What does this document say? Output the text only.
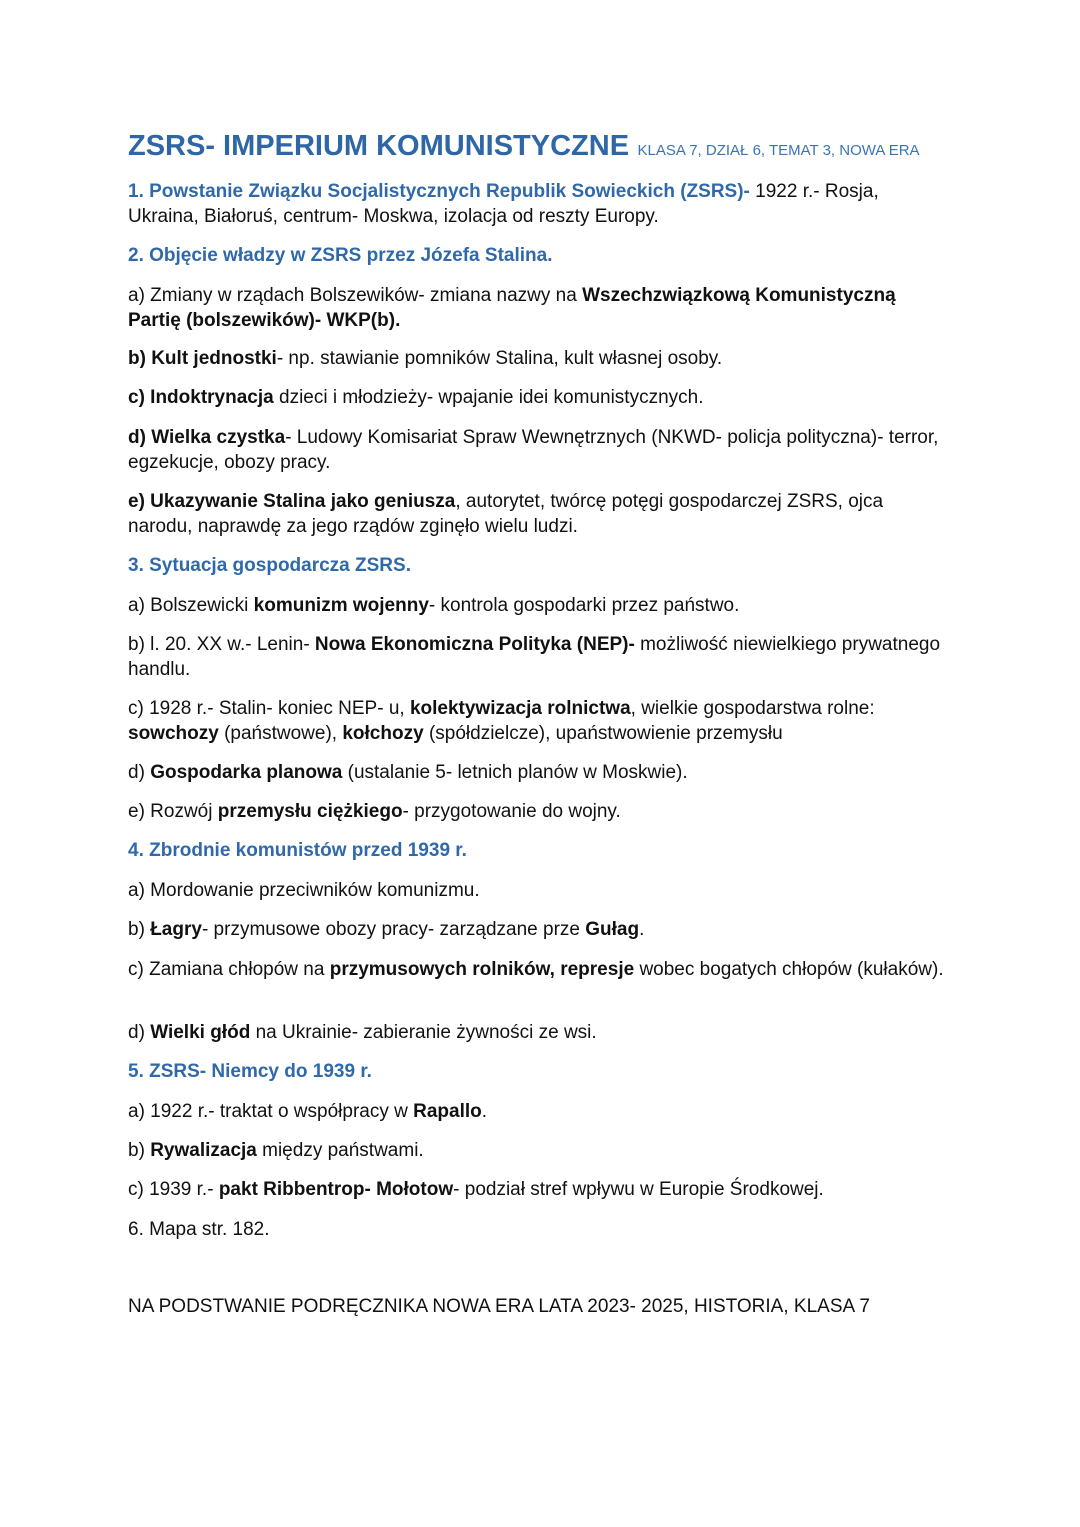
ZSRS- IMPERIUM KOMUNISTYCZNE KLASA 7, DZIAŁ 6, TEMAT 3, NOWA ERA

1. Powstanie Związku Socjalistycznych Republik Sowieckich (ZSRS)- 1922 r.- Rosja, Ukraina, Białoruś, centrum- Moskwa, izolacja od reszty Europy.

2. Objęcie władzy w ZSRS przez Józefa Stalina.

a) Zmiany w rządach Bolszewików- zmiana nazwy na Wszechzwiązkową Komunistyczną Partię (bolszewików)- WKP(b).

b) Kult jednostki- np. stawianie pomników Stalina, kult własnej osoby.

c) Indoktrynacja dzieci i młodzieży- wpajanie idei komunistycznych.

d) Wielka czystka- Ludowy Komisariat Spraw Wewnętrznych (NKWD- policja polityczna)- terror, egzekucje, obozy pracy.

e) Ukazywanie Stalina jako geniusza, autorytet, twórcę potęgi gospodarczej ZSRS, ojca narodu, naprawdę za jego rządów zginęło wielu ludzi.

3. Sytuacja gospodarcza ZSRS.

a) Bolszewicki komunizm wojenny- kontrola gospodarki przez państwo.

b) l. 20. XX w.- Lenin- Nowa Ekonomiczna Polityka (NEP)- możliwość niewielkiego prywatnego handlu.

c) 1928 r.- Stalin- koniec NEP- u, kolektywizacja rolnictwa, wielkie gospodarstwa rolne: sowchozy (państwowe), kołchozy (spółdzielcze), upaństwowienie przemysłu

d) Gospodarka planowa (ustalanie 5- letnich planów w Moskwie).

e) Rozwój przemysłu ciężkiego- przygotowanie do wojny.

4. Zbrodnie komunistów przed 1939 r.

a) Mordowanie przeciwników komunizmu.

b) Łagry- przymusowe obozy pracy- zarządzane prze Gułag.

c) Zamiana chłopów na przymusowych rolników, represje wobec bogatych chłopów (kułaków).

d) Wielki głód na Ukrainie- zabieranie żywności ze wsi.

5. ZSRS- Niemcy do 1939 r.

a) 1922 r.- traktat o współpracy w Rapallo.

b) Rywalizacja między państwami.

c) 1939 r.- pakt Ribbentrop- Mołotow- podział stref wpływu w Europie Środkowej.

6. Mapa str. 182.

NA PODSTWANIE PODRĘCZNIKA NOWA ERA LATA 2023- 2025, HISTORIA, KLASA 7
